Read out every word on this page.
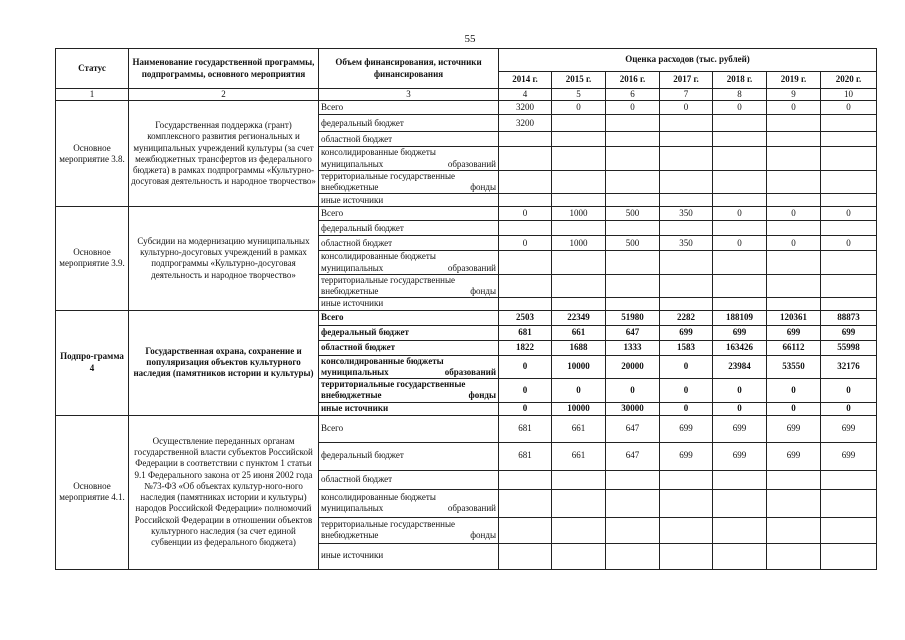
55
Статус	Наименование государственной программы, подпрограммы, основного мероприятия	Объем финансирования, источники финансирования	Оценка расходов (тыс. рублей)						
			2014 г.	2015 г.	2016 г.	2017 г.	2018 г.	2019 г.	2020 г.
1	2	3	4	5	6	7	8	9	10
Основное мероприятие 3.8.	Государственная поддержка (грант) комплексного развития региональных и муниципальных учреждений культуры (за счет межбюджетных трансфертов из федерального бюджета) в рамках подпрограммы «Культурно-досуговая деятельность и народное творчество»	Всего	3200	0	0	0	0	0	0
		федеральный бюджет	3200						
		областной бюджет							
		консолидированные бюджеты муниципальных образований							
		территориальные государственные внебюджетные фонды							
		иные источники							
Основное мероприятие 3.9.	Субсидии на модернизацию муниципальных культурно-досуговых учреждений в рамках подпрограммы «Культурно-досуговая деятельность и народное творчество»	Всего	0	1000	500	350	0	0	0
		федеральный бюджет							
		областной бюджет	0	1000	500	350	0	0	0
		консолидированные бюджеты муниципальных образований							
		территориальные государственные внебюджетные фонды							
		иные источники							
Подпро-грамма 4	Государственная охрана, сохранение и популяризация объектов культурного наследия (памятников истории и культуры)	Всего	2503	22349	51980	2282	188109	120361	88873
		федеральный бюджет	681	661	647	699	699	699	699
		областной бюджет	1822	1688	1333	1583	163426	66112	55998
		консолидированные бюджеты муниципальных образований	0	10000	20000	0	23984	53550	32176
		территориальные государственные внебюджетные фонды	0	0	0	0	0	0	0
		иные источники	0	10000	30000	0	0	0	0
Основное мероприятие 4.1.	Осуществление переданных органам государственной власти субъектов Российской Федерации в соответствии с пунктом 1 статьи 9.1 Федерального закона от 25 июня 2002 года №73-ФЗ «Об объектах культур-ного-ного наследия (памятниках истории и культуры) народов Российской Федерации» полномочий Российской Федерации в отношении объектов культурного наследия (за счет единой субвенции из федерального бюджета)	Всего	681	661	647	699	699	699	699
		федеральный бюджет	681	661	647	699	699	699	699
		областной бюджет							
		консолидированные бюджеты муниципальных образований							
		территориальные государственные внебюджетные фонды							
		иные источники							
